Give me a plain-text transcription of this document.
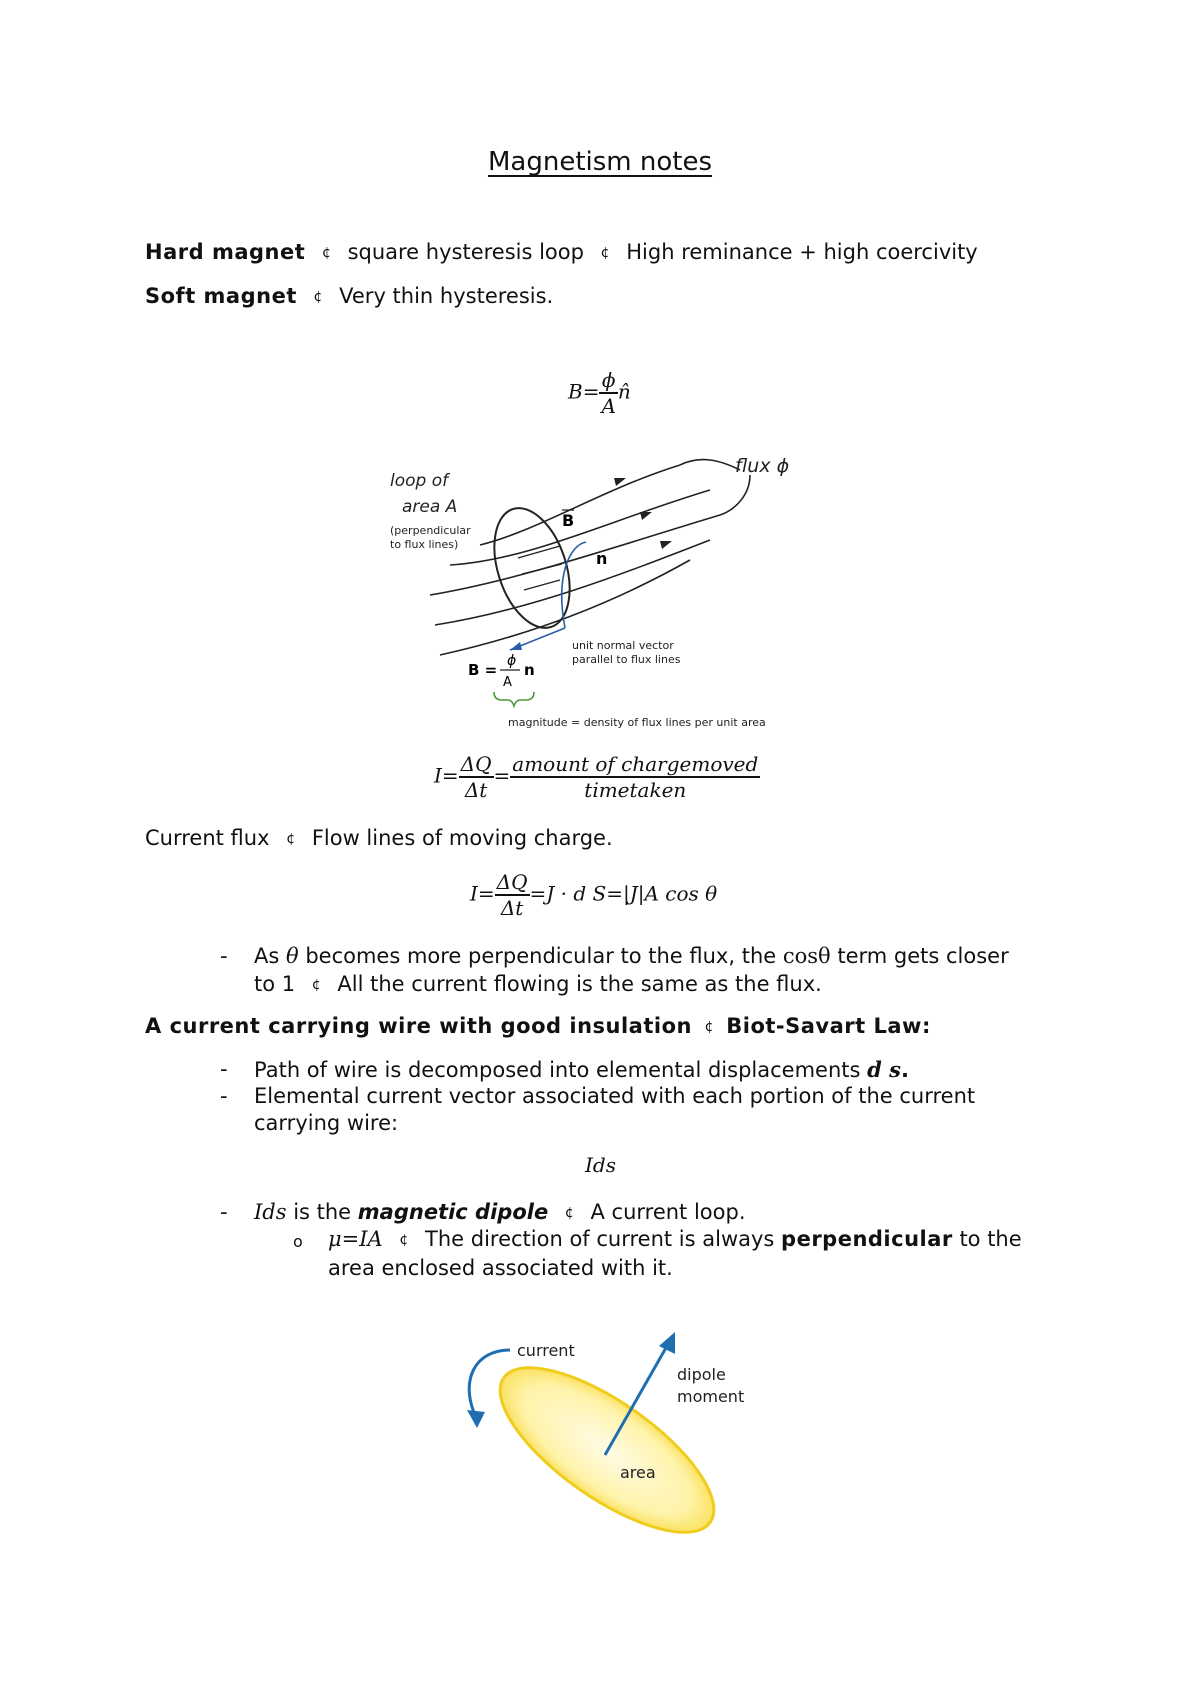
Magnetism notes
Hard magnet ¢ square hysteresis loop ¢ High reminance + high coercivity
Soft magnet ¢ Very thin hysteresis.
$B= \frac{\phi}{A}$ n̂
B
n
loop of
area A
(perpendicular
to flux lines)
flux ϕ
unit normal vector
parallel to flux lines
B = ϕ
A
n
magnitude = density of flux lines per unit area
$I= \frac{\Delta Q}{\Delta t} = \frac{\text{amount of chargemoved}}{\text{timetaken}}$
Current flux ¢ Flow lines of moving charge.
$I= \frac{\Delta Q}{\Delta t} =J \cdot d$ S=|J|A cos θ
- As θ becomes more perpendicular to the flux, the cosθ term gets closer
to 1 ¢ All the current flowing is the same as the flux.
A current carrying wire with good insulation ¢ Biot-Savart Law:
- Path of wire is decomposed into elemental displacements d s.
- Elemental current vector associated with each portion of the current
carrying wire:
Ids
- Ids is the magnetic dipole ¢ A current loop.
o μ=IA ¢ The direction of current is always perpendicular to the
area enclosed associated with it.
current
dipole
moment
area
